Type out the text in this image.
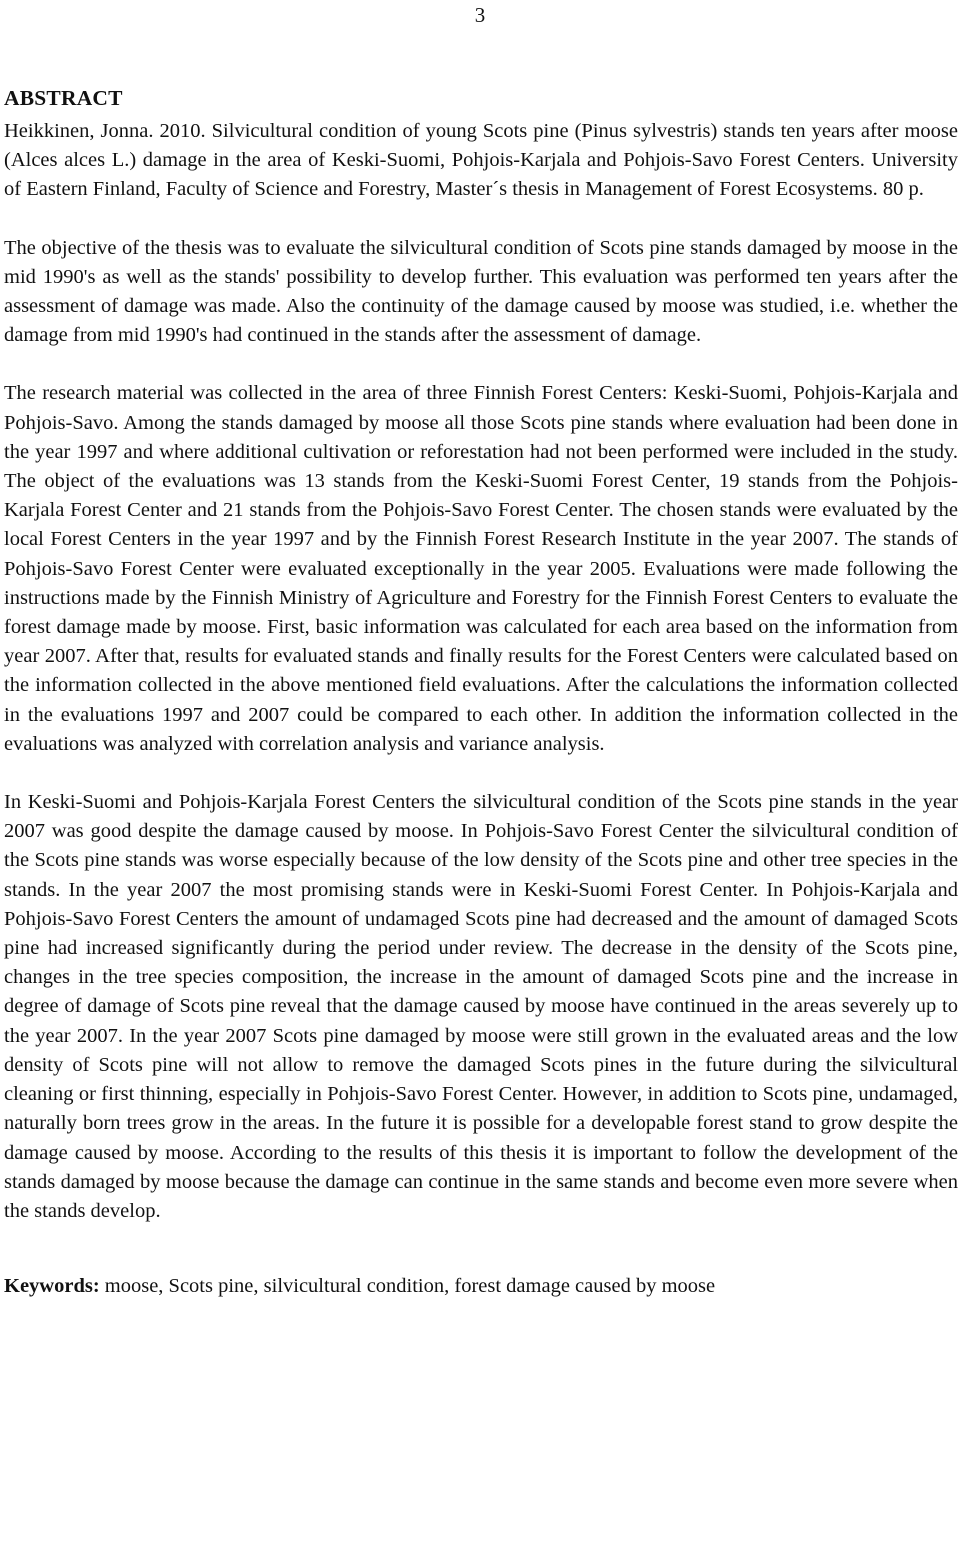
3
ABSTRACT

Heikkinen, Jonna. 2010. Silvicultural condition of young Scots pine (Pinus sylvestris) stands ten years after moose (Alces alces L.) damage in the area of Keski-Suomi, Pohjois-Karjala and Pohjois-Savo Forest Centers. University of Eastern Finland, Faculty of Science and Forestry, Master´s thesis in Management of Forest Ecosystems. 80 p.

The objective of the thesis was to evaluate the silvicultural condition of Scots pine stands damaged by moose in the mid 1990's as well as the stands' possibility to develop further. This evaluation was performed ten years after the assessment of damage was made. Also the continuity of the damage caused by moose was studied, i.e. whether the damage from mid 1990's had continued in the stands after the assessment of damage.

The research material was collected in the area of three Finnish Forest Centers: Keski-Suomi, Pohjois-Karjala and Pohjois-Savo. Among the stands damaged by moose all those Scots pine stands where evaluation had been done in the year 1997 and where additional cultivation or reforestation had not been performed were included in the study. The object of the evaluations was 13 stands from the Keski-Suomi Forest Center, 19 stands from the Pohjois-Karjala Forest Center and 21 stands from the Pohjois-Savo Forest Center. The chosen stands were evaluated by the local Forest Centers in the year 1997 and by the Finnish Forest Research Institute in the year 2007. The stands of Pohjois-Savo Forest Center were evaluated exceptionally in the year 2005. Evaluations were made following the instructions made by the Finnish Ministry of Agriculture and Forestry for the Finnish Forest Centers to evaluate the forest damage made by moose. First, basic information was calculated for each area based on the information from year 2007. After that, results for evaluated stands and finally results for the Forest Centers were calculated based on the information collected in the above mentioned field evaluations. After the calculations the information collected in the evaluations 1997 and 2007 could be compared to each other. In addition the information collected in the evaluations was analyzed with correlation analysis and variance analysis.

In Keski-Suomi and Pohjois-Karjala Forest Centers the silvicultural condition of the Scots pine stands in the year 2007 was good despite the damage caused by moose. In Pohjois-Savo Forest Center the silvicultural condition of the Scots pine stands was worse especially because of the low density of the Scots pine and other tree species in the stands. In the year 2007 the most promising stands were in Keski-Suomi Forest Center. In Pohjois-Karjala and Pohjois-Savo Forest Centers the amount of undamaged Scots pine had decreased and the amount of damaged Scots pine had increased significantly during the period under review. The decrease in the density of the Scots pine, changes in the tree species composition, the increase in the amount of damaged Scots pine and the increase in degree of damage of Scots pine reveal that the damage caused by moose have continued in the areas severely up to the year 2007. In the year 2007 Scots pine damaged by moose were still grown in the evaluated areas and the low density of Scots pine will not allow to remove the damaged Scots pines in the future during the silvicultural cleaning or first thinning, especially in Pohjois-Savo Forest Center. However, in addition to Scots pine, undamaged, naturally born trees grow in the areas. In the future it is possible for a developable forest stand to grow despite the damage caused by moose. According to the results of this thesis it is important to follow the development of the stands damaged by moose because the damage can continue in the same stands and become even more severe when the stands develop.

Keywords: moose, Scots pine, silvicultural condition, forest damage caused by moose
